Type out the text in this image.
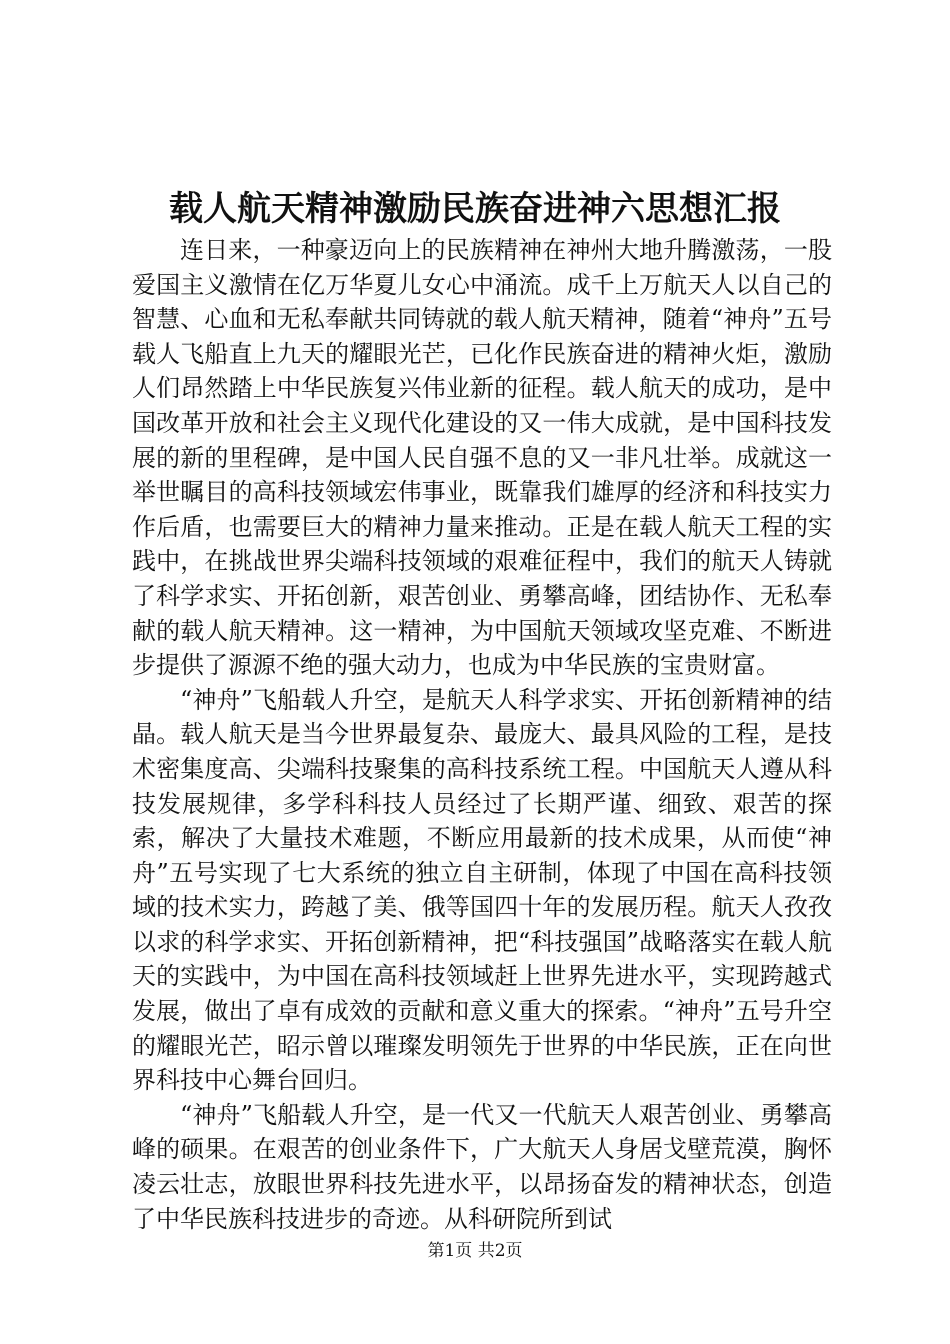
载人航天精神激励民族奋进神六思想汇报

连日来，一种豪迈向上的民族精神在神州大地升腾激荡，一股爱国主义激情在亿万华夏儿女心中涌流。成千上万航天人以自己的智慧、心血和无私奉献共同铸就的载人航天精神，随着“神舟”五号载人飞船直上九天的耀眼光芒，已化作民族奋进的精神火炬，激励人们昂然踏上中华民族复兴伟业新的征程。载人航天的成功，是中国改革开放和社会主义现代化建设的又一伟大成就，是中国科技发展的新的里程碑，是中国人民自强不息的又一非凡壮举。成就这一举世瞩目的高科技领域宏伟事业，既靠我们雄厚的经济和科技实力作后盾，也需要巨大的精神力量来推动。正是在载人航天工程的实践中，在挑战世界尖端科技领域的艰难征程中，我们的航天人铸就了科学求实、开拓创新，艰苦创业、勇攀高峰，团结协作、无私奉献的载人航天精神。这一精神，为中国航天领域攻坚克难、不断进步提供了源源不绝的强大动力，也成为中华民族的宝贵财富。

“神舟”飞船载人升空，是航天人科学求实、开拓创新精神的结晶。载人航天是当今世界最复杂、最庞大、最具风险的工程，是技术密集度高、尖端科技聚集的高科技系统工程。中国航天人遵从科技发展规律，多学科科技人员经过了长期严谨、细致、艰苦的探索，解决了大量技术难题，不断应用最新的技术成果，从而使“神舟”五号实现了七大系统的独立自主研制，体现了中国在高科技领域的技术实力，跨越了美、俄等国四十年的发展历程。航天人孜孜以求的科学求实、开拓创新精神，把“科技强国”战略落实在载人航天的实践中，为中国在高科技领域赶上世界先进水平，实现跨越式发展，做出了卓有成效的贡献和意义重大的探索。“神舟”五号升空的耀眼光芒，昭示曾以璀璨发明领先于世界的中华民族，正在向世界科技中心舞台回归。

“神舟”飞船载人升空，是一代又一代航天人艰苦创业、勇攀高峰的硕果。在艰苦的创业条件下，广大航天人身居戈壁荒漠，胸怀凌云壮志，放眼世界科技先进水平，以昂扬奋发的精神状态，创造了中华民族科技进步的奇迹。从科研院所到试

第1页 共2页
